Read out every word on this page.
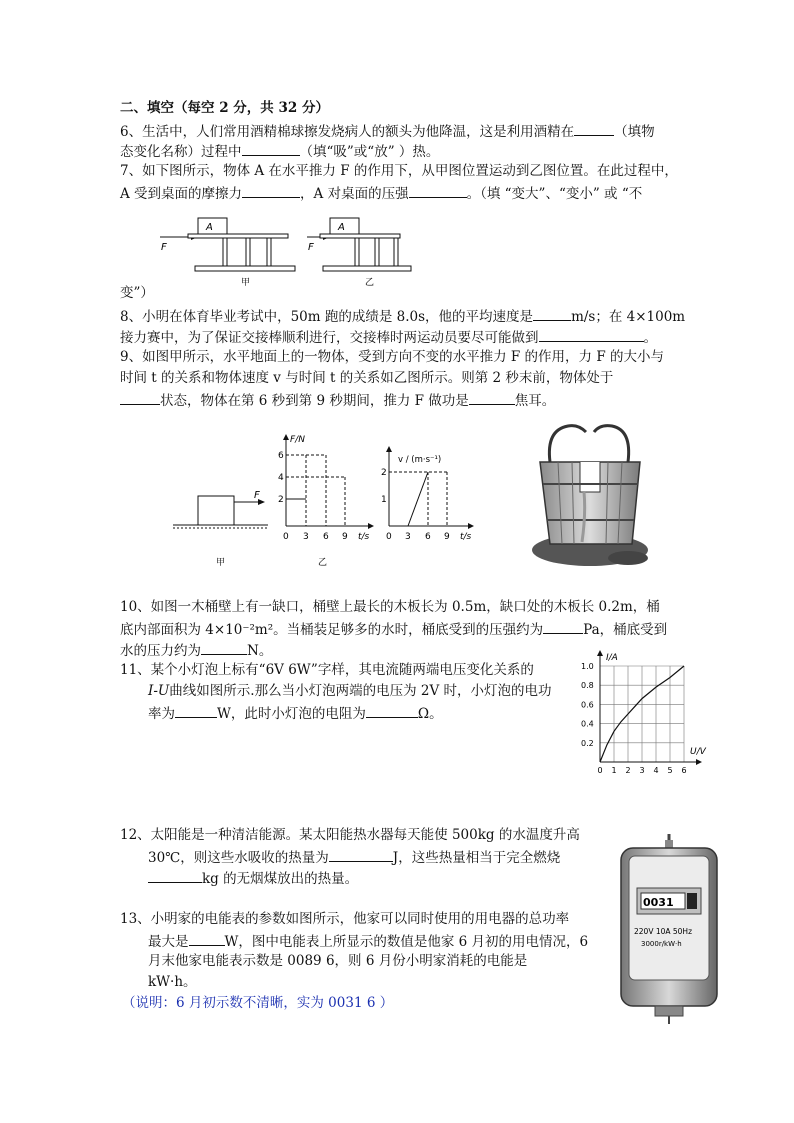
二、填空（每空 2 分，共 32 分）
6、生活中，人们常用酒精棉球擦发烧病人的额头为他降温，这是利用酒精在	（填物
态变化名称）过程中	（填“吸”或“放” ）热。
7、如下图所示，物体 A 在水平推力 F 的作用下，从甲图位置运动到乙图位置。在此过程中，
A 受到桌面的摩擦力	，A 对桌面的压强	。（填 “变大”、“变小” 或 “不
F
A
甲
F
A
乙
变”）
8、小明在体育毕业考试中，50m 跑的成绩是 8.0s，他的平均速度是	m/s；在 4×100m
接力赛中，为了保证交接棒顺利进行，交接棒时两运动员要尽可能做到	。
9、如图甲所示，水平地面上的一物体，受到方向不变的水平推力 F 的作用，力 F 的大小与
时间 t 的关系和物体速度 v 与时间 t 的关系如乙图所示。则第 2 秒末前，物体处于
状态，物体在第 6 秒到第 9 秒期间，推力 F 做功是	焦耳。
F
甲
F/N
6
4
2
0 3 6 9 t/s
乙
v / (m·s⁻¹)
2
1
0 3 6 9 t/s
10、如图一木桶壁上有一缺口，桶壁上最长的木板长为 0.5m，缺口处的木板长 0.2m，桶
底内部面积为 4×10⁻²m²。当桶装足够多的水时，桶底受到的压强约为	Pa，桶底受到
水的压力约为	N。
11、某个小灯泡上标有“6V 6W”字样，其电流随两端电压变化关系的
I-U曲线如图所示.那么当小灯泡两端的电压为 2V 时，小灯泡的电功
率为	W，此时小灯泡的电阻为	Ω。
I/A
U/V
1.0
0.8
0.6
0.4
0.2
0 1 2 3 4 5 6
12、太阳能是一种清洁能源。某太阳能热水器每天能使 500kg 的水温度升高
30℃，则这些水吸收的热量为	J，这些热量相当于完全燃烧
kg 的无烟煤放出的热量。
13、小明家的电能表的参数如图所示，他家可以同时使用的用电器的总功率
最大是	W，图中电能表上所显示的数值是他家 6 月初的用电情况，6
月末他家电能表示数是 0089 6，则 6 月份小明家消耗的电能是
kW·h。
（说明：6 月初示数不清晰，实为 0031 6 ）
0031
220V 10A 50Hz
3000r/kW·h
